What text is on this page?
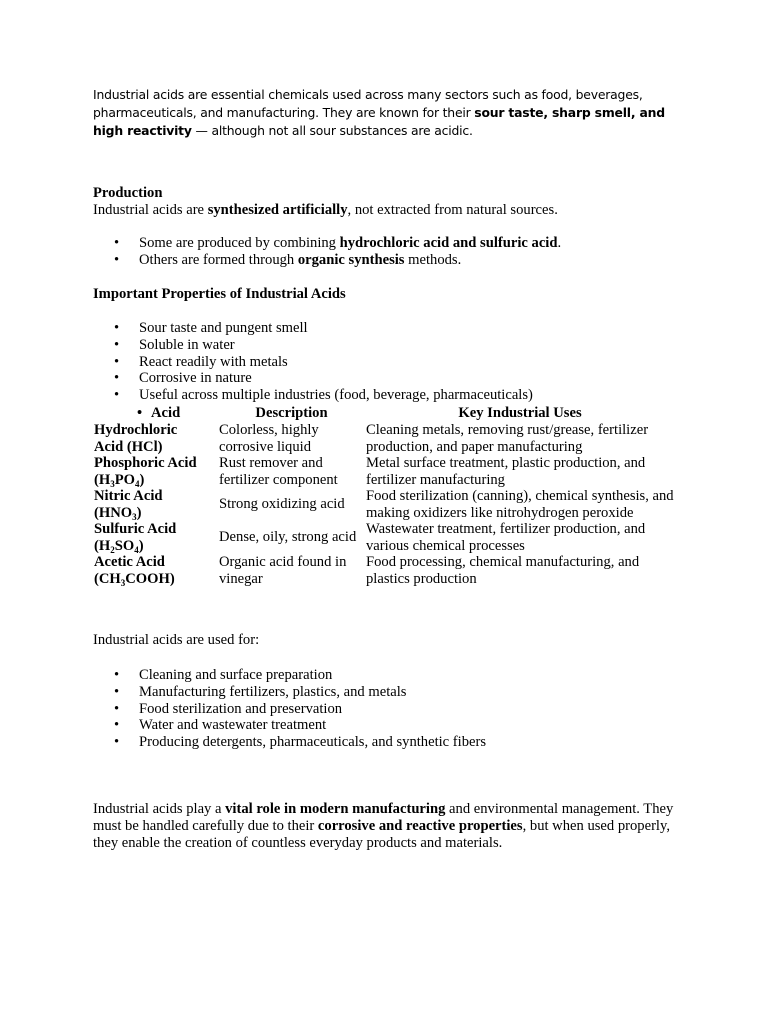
Industrial acids are essential chemicals used across many sectors such as food, beverages, pharmaceuticals, and manufacturing. They are known for their sour taste, sharp smell, and high reactivity — although not all sour substances are acidic.

Production
Industrial acids are synthesized artificially, not extracted from natural sources.
• Some are produced by combining hydrochloric acid and sulfuric acid.
• Others are formed through organic synthesis methods.
Important Properties of Industrial Acids
• Sour taste and pungent smell
• Soluble in water
• React readily with metals
• Corrosive in nature
• Useful across multiple industries (food, beverage, pharmaceuticals)
• Acid	Description	Key Industrial Uses
Hydrochloric
Acid (HCl)	Colorless, highly corrosive liquid	Cleaning metals, removing rust/grease, fertilizer production, and paper manufacturing
Phosphoric Acid
$(H_3PO_4)$	Rust remover and fertilizer component	Metal surface treatment, plastic production, and fertilizer manufacturing
Nitric Acid
$(HNO_3)$	Strong oxidizing acid	Food sterilization (canning), chemical synthesis, and making oxidizers like nitrohydrogen peroxide
Sulfuric Acid
$(H_2SO_4)$	Dense, oily, strong acid	Wastewater treatment, fertilizer production, and various chemical processes
Acetic Acid
$(CH_3COOH)$	Organic acid found in vinegar	Food processing, chemical manufacturing, and plastics production
Industrial acids are used for:
• Cleaning and surface preparation
• Manufacturing fertilizers, plastics, and metals
• Food sterilization and preservation
• Water and wastewater treatment
• Producing detergents, pharmaceuticals, and synthetic fibers

Industrial acids play a vital role in modern manufacturing and environmental management. They must be handled carefully due to their corrosive and reactive properties, but when used properly, they enable the creation of countless everyday products and materials.
